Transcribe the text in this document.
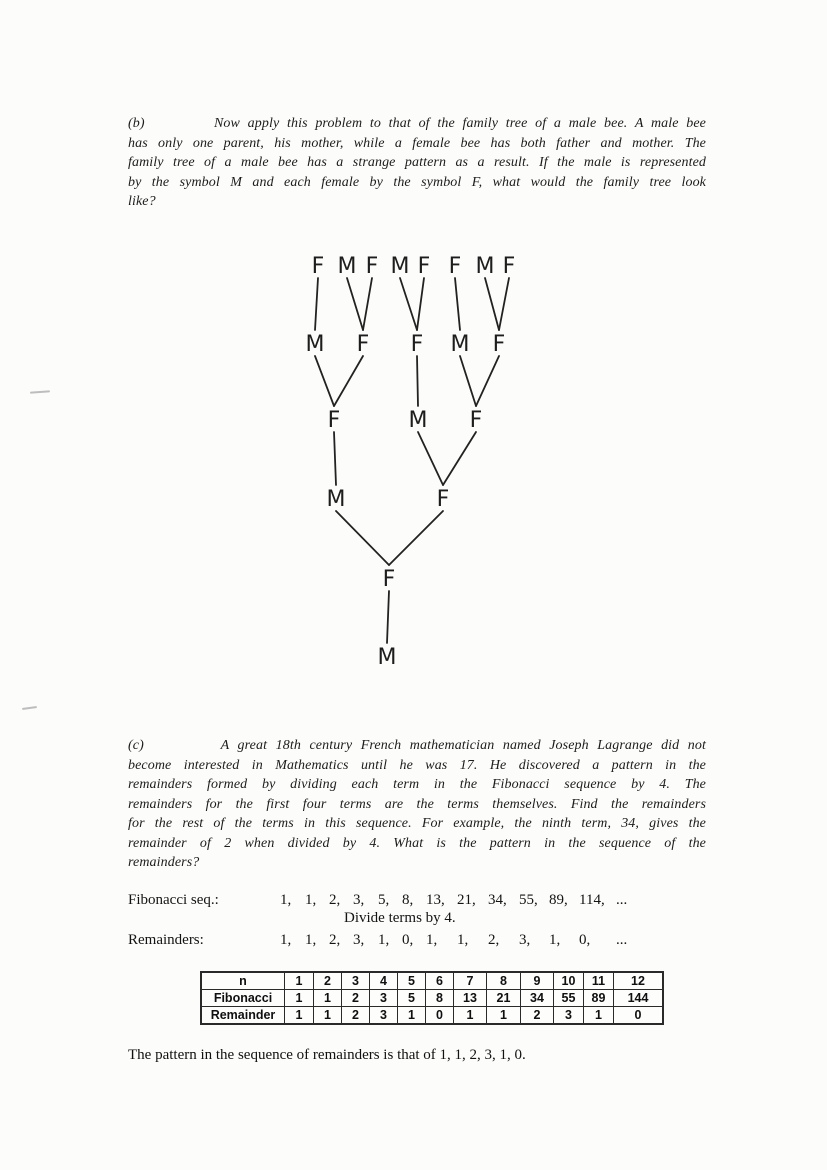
(b)         Now apply this problem to that of the family tree of a male bee. A male bee
has only one parent, his mother, while a female bee has both father and mother. The
family tree of a male bee has a strange pattern as a result. If the male is represented
by the symbol M and each female by the symbol F, what would the family tree look
like?
F M F M F F M F
M F F M F
F	M F
M	F
F
M
(c)         A great 18th century French mathematician named Joseph Lagrange did not
become interested in Mathematics until he was 17. He discovered a pattern in the
remainders formed by dividing each term in the Fibonacci sequence by 4. The
remainders for the first four terms are the terms themselves. Find the remainders
for the rest of the terms in this sequence. For example, the ninth term, 34, gives the
remainder of 2 when divided by 4. What is the pattern in the sequence of the
remainders?
Fibonacci seq.:	1, 1, 2, 3, 5, 8, 13, 21, 34, 55, 89, 114, ...
Divide terms by 4.
Remainders:	1, 1, 2, 3, 1, 0, 1,	1,	2,	3,	1,	0,	...
n	1	2	3	4	5	6	7	8	9	10	11	12
Fibonacci	1	1	2	3	5	8	13	21	34	55	89	144
Remainder	1	1	2	3	1	0	1	1	2	3	1	0
The pattern in the sequence of remainders is that of 1, 1, 2, 3, 1, 0.
